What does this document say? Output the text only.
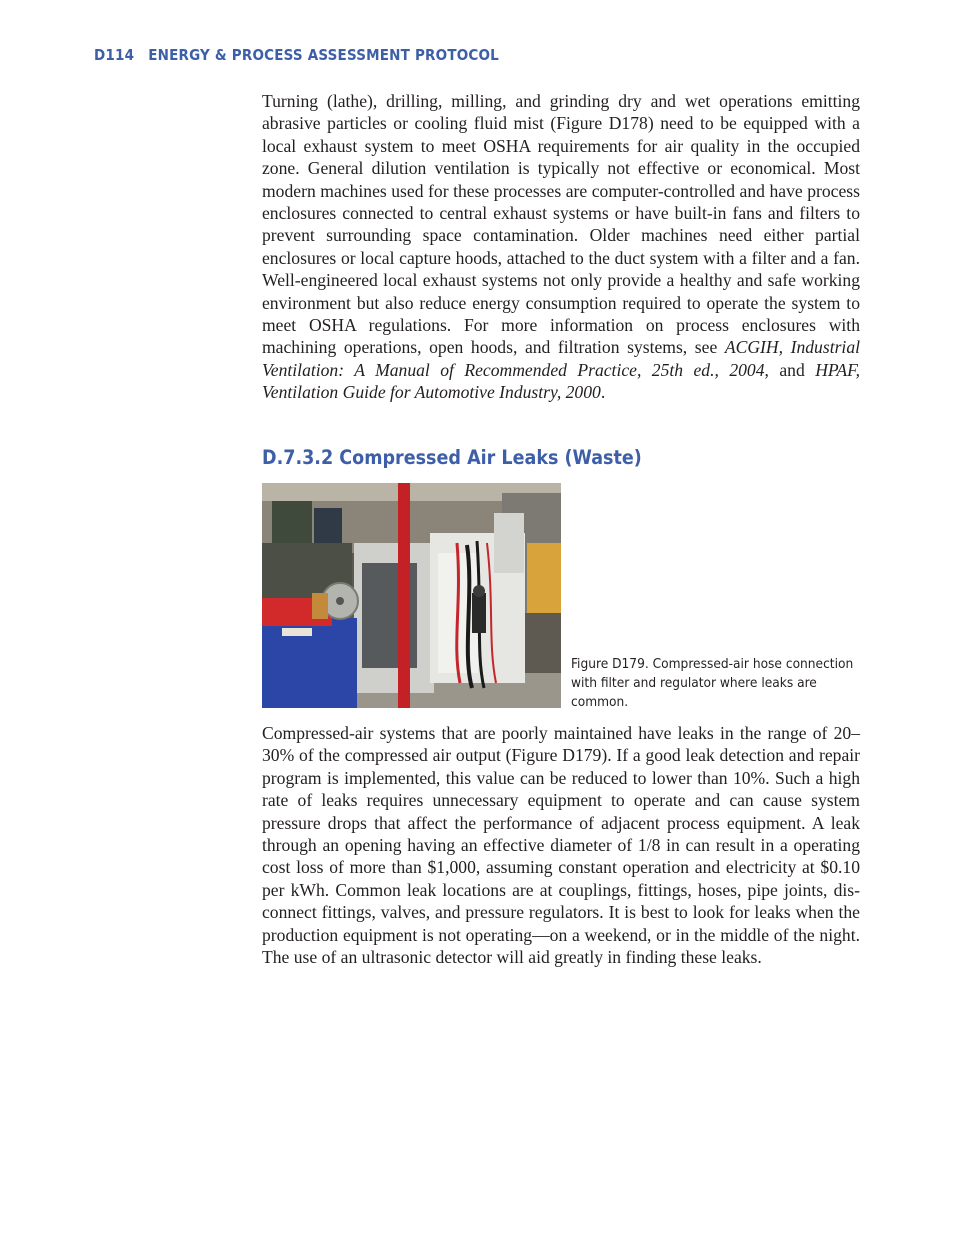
D114 ENERGY & PROCESS ASSESSMENT PROTOCOL

Turning (lathe), drilling, milling, and grinding dry and wet operations emitting abrasive particles or cooling fluid mist (Figure D178) need to be equipped with a local exhaust system to meet OSHA requirements for air quality in the occupied zone. General dilution ventilation is typically not effective or economical. Most modern machines used for these processes are computer-controlled and have process enclosures connected to central exhaust systems or have built-in fans and filters to prevent surrounding space contamination. Older machines need either partial enclosures or local capture hoods, attached to the duct system with a filter and a fan. Well-engineered local exhaust systems not only provide a healthy and safe working environment but also reduce energy consumption required to operate the system to meet OSHA regulations. For more information on process enclosures with machining operations, open hoods, and filtration systems, see ACGIH, Industrial Ventilation: A Manual of Recommended Practice, 25th ed., 2004, and HPAF, Ventilation Guide for Automotive Industry, 2000.

D.7.3.2 Compressed Air Leaks (Waste)

Figure D179. Compressed-air hose connection with filter and regulator where leaks are common.

Compressed-air systems that are poorly maintained have leaks in the range of 20–30% of the compressed air output (Figure D179). If a good leak detection and repair program is implemented, this value can be reduced to lower than 10%. Such a high rate of leaks requires unnecessary equipment to operate and can cause system pressure drops that affect the performance of adjacent process equipment. A leak through an opening having an effective diameter of 1/8 in can result in a operating cost loss of more than $1,000, assuming constant operation and electricity at $0.10 per kWh. Common leak locations are at couplings, fittings, hoses, pipe joints, disconnect fittings, valves, and pressure regulators. It is best to look for leaks when the production equipment is not operating—on a weekend, or in the middle of the night. The use of an ultrasonic detector will aid greatly in finding these leaks.
